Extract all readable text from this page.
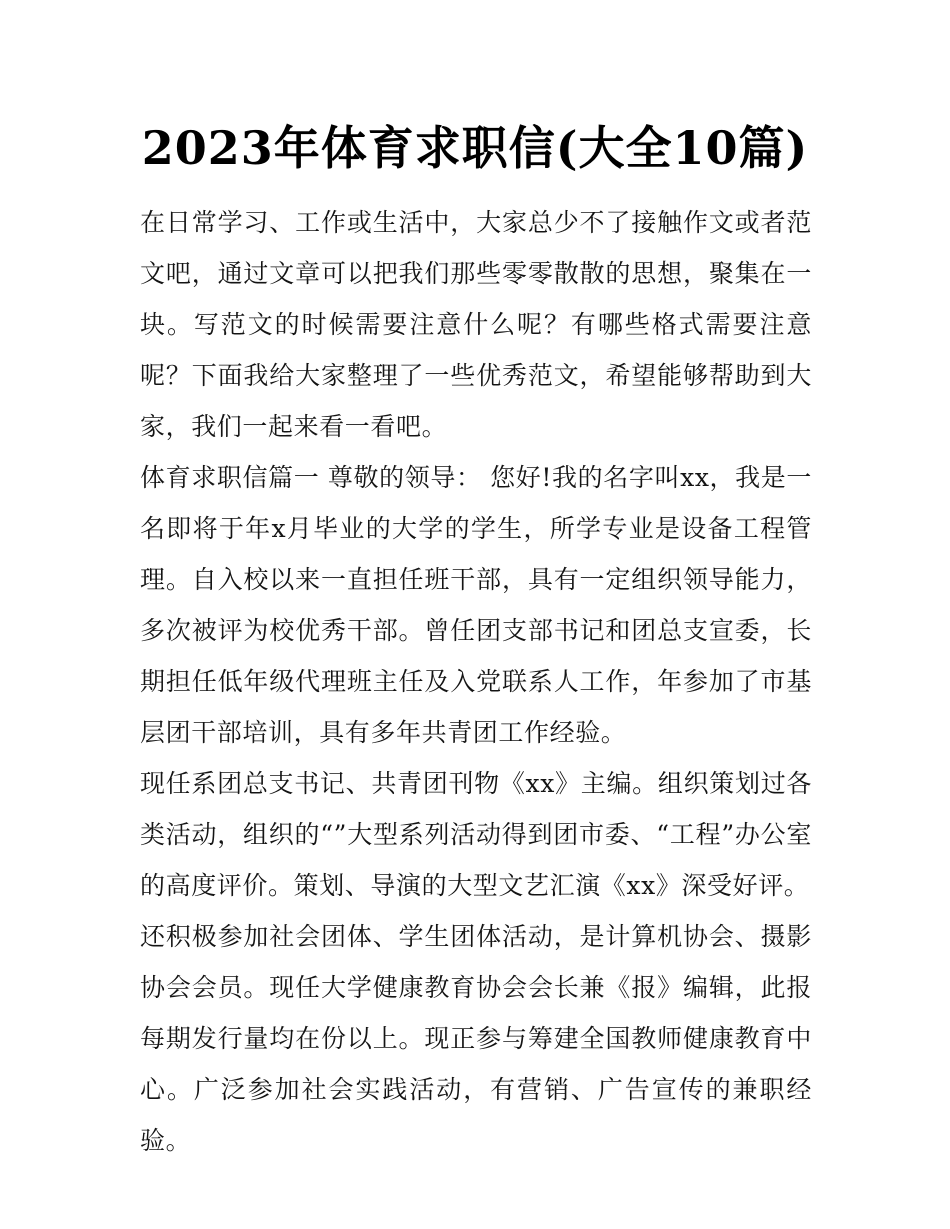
2023年体育求职信(大全10篇)

在日常学习、工作或生活中，大家总少不了接触作文或者范文吧，通过文章可以把我们那些零零散散的思想，聚集在一块。写范文的时候需要注意什么呢？有哪些格式需要注意呢？下面我给大家整理了一些优秀范文，希望能够帮助到大家，我们一起来看一看吧。

体育求职信篇一 尊敬的领导： 您好!我的名字叫xx，我是一名即将于年x月毕业的大学的学生，所学专业是设备工程管理。自入校以来一直担任班干部，具有一定组织领导能力，多次被评为校优秀干部。曾任团支部书记和团总支宣委，长期担任低年级代理班主任及入党联系人工作，年参加了市基层团干部培训，具有多年共青团工作经验。

现任系团总支书记、共青团刊物《xx》主编。组织策划过各类活动，组织的“”大型系列活动得到团市委、“工程”办公室的高度评价。策划、导演的大型文艺汇演《xx》深受好评。

还积极参加社会团体、学生团体活动，是计算机协会、摄影协会会员。现任大学健康教育协会会长兼《报》编辑，此报每期发行量均在份以上。现正参与筹建全国教师健康教育中心。广泛参加社会实践活动，有营销、广告宣传的兼职经验。
